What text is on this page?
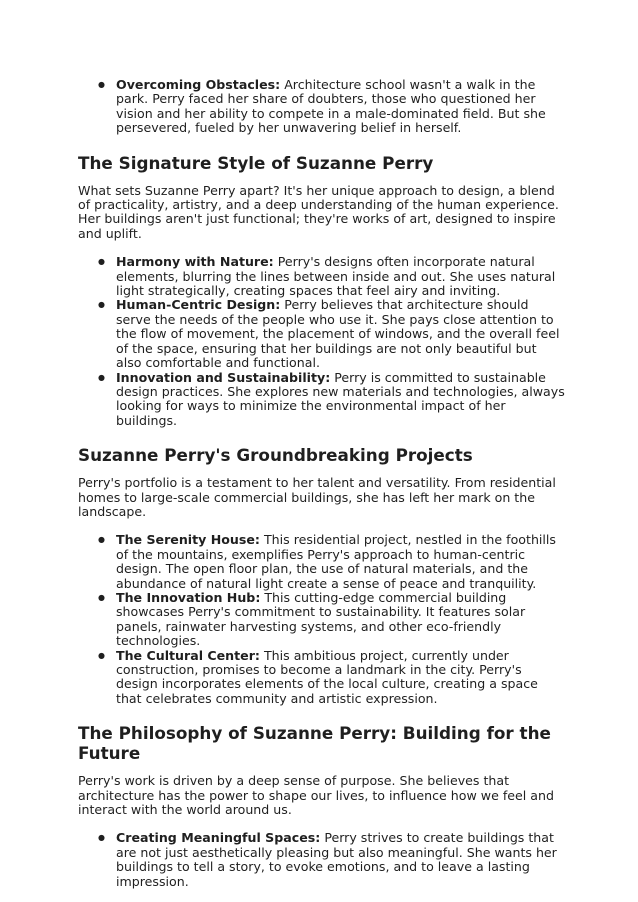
● Overcoming Obstacles: Architecture school wasn't a walk in the park. Perry faced her share of doubters, those who questioned her vision and her ability to compete in a male-dominated field. But she persevered, fueled by her unwavering belief in herself.
The Signature Style of Suzanne Perry

What sets Suzanne Perry apart? It's her unique approach to design, a blend of practicality, artistry, and a deep understanding of the human experience. Her buildings aren't just functional; they're works of art, designed to inspire and uplift.

● Harmony with Nature: Perry's designs often incorporate natural elements, blurring the lines between inside and out. She uses natural light strategically, creating spaces that feel airy and inviting.
● Human-Centric Design: Perry believes that architecture should serve the needs of the people who use it. She pays close attention to the flow of movement, the placement of windows, and the overall feel of the space, ensuring that her buildings are not only beautiful but also comfortable and functional.
● Innovation and Sustainability: Perry is committed to sustainable design practices. She explores new materials and technologies, always looking for ways to minimize the environmental impact of her buildings.
Suzanne Perry's Groundbreaking Projects

Perry's portfolio is a testament to her talent and versatility. From residential homes to large-scale commercial buildings, she has left her mark on the landscape.

● The Serenity House: This residential project, nestled in the foothills of the mountains, exemplifies Perry's approach to human-centric design. The open floor plan, the use of natural materials, and the abundance of natural light create a sense of peace and tranquility.
● The Innovation Hub: This cutting-edge commercial building showcases Perry's commitment to sustainability. It features solar panels, rainwater harvesting systems, and other eco-friendly technologies.
● The Cultural Center: This ambitious project, currently under construction, promises to become a landmark in the city. Perry's design incorporates elements of the local culture, creating a space that celebrates community and artistic expression.
The Philosophy of Suzanne Perry: Building for the Future

Perry's work is driven by a deep sense of purpose. She believes that architecture has the power to shape our lives, to influence how we feel and interact with the world around us.

● Creating Meaningful Spaces: Perry strives to create buildings that are not just aesthetically pleasing but also meaningful. She wants her buildings to tell a story, to evoke emotions, and to leave a lasting impression.
